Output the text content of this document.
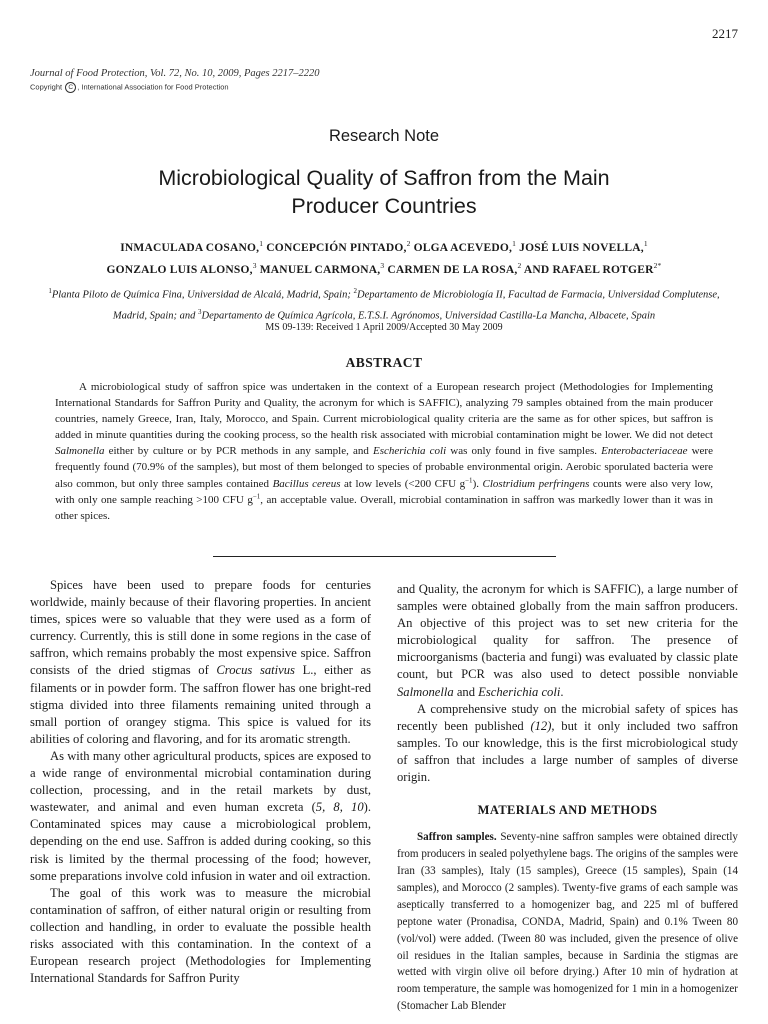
2217
Journal of Food Protection, Vol. 72, No. 10, 2009, Pages 2217–2220
Copyright C , International Association for Food Protection
Research Note
Microbiological Quality of Saffron from the Main
Producer Countries
INMACULADA COSANO,$^1$ CONCEPCIÓN PINTADO,$^2$ OLGA ACEVEDO,$^1$ JOSÉ LUIS NOVELLA,$^1$
GONZALO LUIS ALONSO,$^3$ MANUEL CARMONA,$^3$ CARMEN DE LA ROSA,$^2$ AND RAFAEL $ROTGER^{2*}$
$^1$Planta Piloto de Química Fina, Universidad de Alcalá, Madrid, Spain; $^2$Departamento de Microbiología II, Facultad de Farmacia, Universidad Complutense, Madrid, Spain; and $^3$Departamento de Química Agrícola, E.T.S.I. Agrónomos, Universidad Castilla-La Mancha, Albacete, Spain
MS 09-139: Received 1 April 2009/Accepted 30 May 2009
ABSTRACT

A microbiological study of saffron spice was undertaken in the context of a European research project (Methodologies for Implementing International Standards for Saffron Purity and Quality, the acronym for which is SAFFIC), analyzing 79 samples obtained from the main producer countries, namely Greece, Iran, Italy, Morocco, and Spain. Current microbiological quality criteria are the same as for other spices, but saffron is added in minute quantities during the cooking process, so the health risk associated with microbial contamination might be lower. We did not detect Salmonella either by culture or by PCR methods in any sample, and Escherichia coli was only found in five samples. Enterobacteriaceae were frequently found (70.9% of the samples), but most of them belonged to species of probable environmental origin. Aerobic sporulated bacteria were also common, but only three samples contained Bacillus cereus at low levels (<200 CFU $g^{-1}$). Clostridium perfringens counts were also very low, with only one sample reaching >100 CFU $g^{-1}$, an acceptable value. Overall, microbial contamination in saffron was markedly lower than it was in other spices.

Spices have been used to prepare foods for centuries worldwide, mainly because of their flavoring properties. In ancient times, spices were so valuable that they were used as a form of currency. Currently, this is still done in some regions in the case of saffron, which remains probably the most expensive spice. Saffron consists of the dried stigmas of Crocus sativus L., either as filaments or in powder form. The saffron flower has one bright-red stigma divided into three filaments remaining united through a small portion of orangey stigma. This spice is valued for its abilities of coloring and flavoring, and for its aromatic strength.

As with many other agricultural products, spices are exposed to a wide range of environmental microbial contamination during collection, processing, and in the retail markets by dust, wastewater, and animal and even human excreta (5, 8, 10). Contaminated spices may cause a microbiological problem, depending on the end use. Saffron is added during cooking, so this risk is limited by the thermal processing of the food; however, some preparations involve cold infusion in water and oil extraction.

The goal of this work was to measure the microbial contamination of saffron, of either natural origin or resulting from collection and handling, in order to evaluate the possible health risks associated with this contamination. In the context of a European research project (Methodologies for Implementing International Standards for Saffron Purity

and Quality, the acronym for which is SAFFIC), a large number of samples were obtained globally from the main saffron producers. An objective of this project was to set new criteria for the microbiological quality for saffron. The presence of microorganisms (bacteria and fungi) was evaluated by classic plate count, but PCR was also used to detect possible nonviable Salmonella and Escherichia coli.

A comprehensive study on the microbial safety of spices has recently been published (12), but it only included two saffron samples. To our knowledge, this is the first microbiological study of saffron that includes a large number of samples of diverse origin.

MATERIALS AND METHODS

Saffron samples. Seventy-nine saffron samples were obtained directly from producers in sealed polyethylene bags. The origins of the samples were Iran (33 samples), Italy (15 samples), Greece (15 samples), Spain (14 samples), and Morocco (2 samples). Twenty-five grams of each sample was aseptically transferred to a homogenizer bag, and 225 ml of buffered peptone water (Pronadisa, CONDA, Madrid, Spain) and 0.1% Tween 80 (vol/vol) were added. (Tween 80 was included, given the presence of olive oil residues in the Italian samples, because in Sardinia the stigmas are wetted with virgin olive oil before drying.) After 10 min of hydration at room temperature, the sample was homogenized for 1 min in a homogenizer (Stomacher Lab Blender
